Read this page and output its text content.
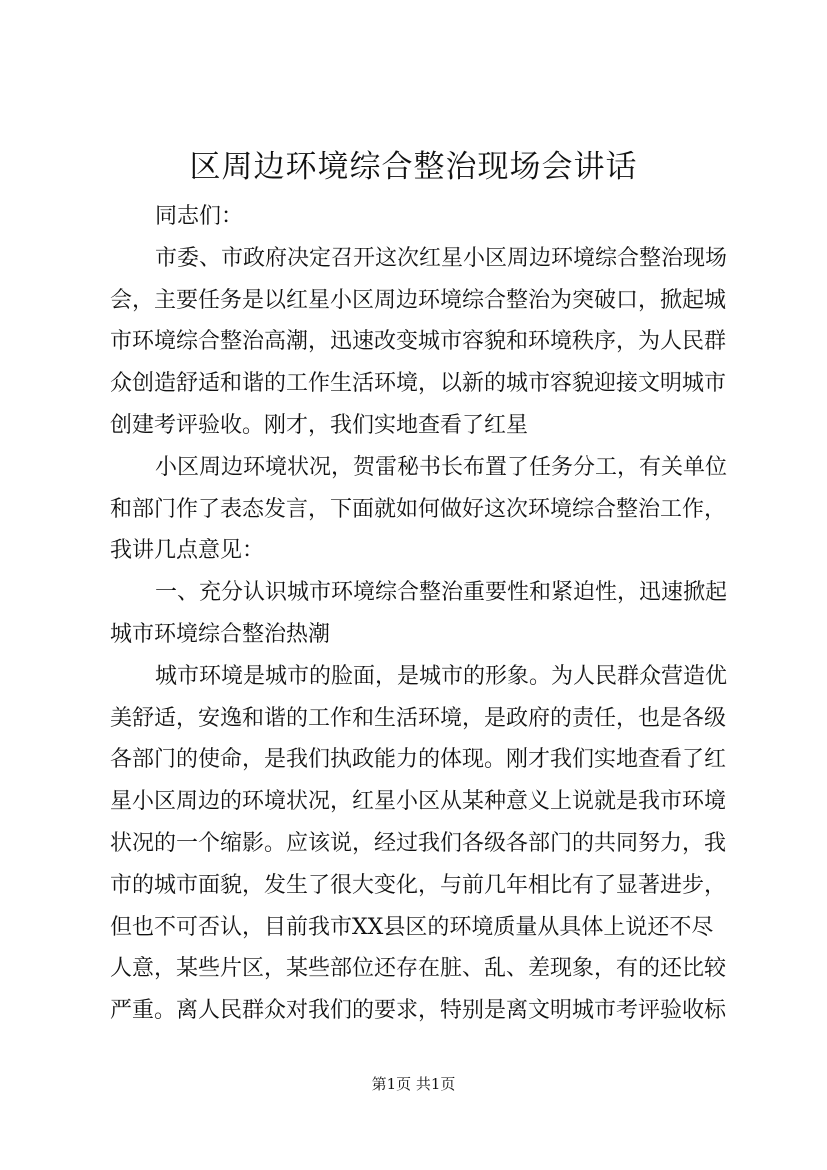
区周边环境综合整治现场会讲话
同志们：
市委、市政府决定召开这次红星小区周边环境综合整治现场
会，主要任务是以红星小区周边环境综合整治为突破口，掀起城
市环境综合整治高潮，迅速改变城市容貌和环境秩序，为人民群
众创造舒适和谐的工作生活环境，以新的城市容貌迎接文明城市
创建考评验收。刚才，我们实地查看了红星
小区周边环境状况，贺雷秘书长布置了任务分工，有关单位
和部门作了表态发言，下面就如何做好这次环境综合整治工作，
我讲几点意见：
一、充分认识城市环境综合整治重要性和紧迫性，迅速掀起
城市环境综合整治热潮
城市环境是城市的脸面，是城市的形象。为人民群众营造优
美舒适，安逸和谐的工作和生活环境，是政府的责任，也是各级
各部门的使命，是我们执政能力的体现。刚才我们实地查看了红
星小区周边的环境状况，红星小区从某种意义上说就是我市环境
状况的一个缩影。应该说，经过我们各级各部门的共同努力，我
市的城市面貌，发生了很大变化，与前几年相比有了显著进步，
但也不可否认，目前我市XX县区的环境质量从具体上说还不尽
人意，某些片区，某些部位还存在脏、乱、差现象，有的还比较
严重。离人民群众对我们的要求，特别是离文明城市考评验收标
第1页 共1页
